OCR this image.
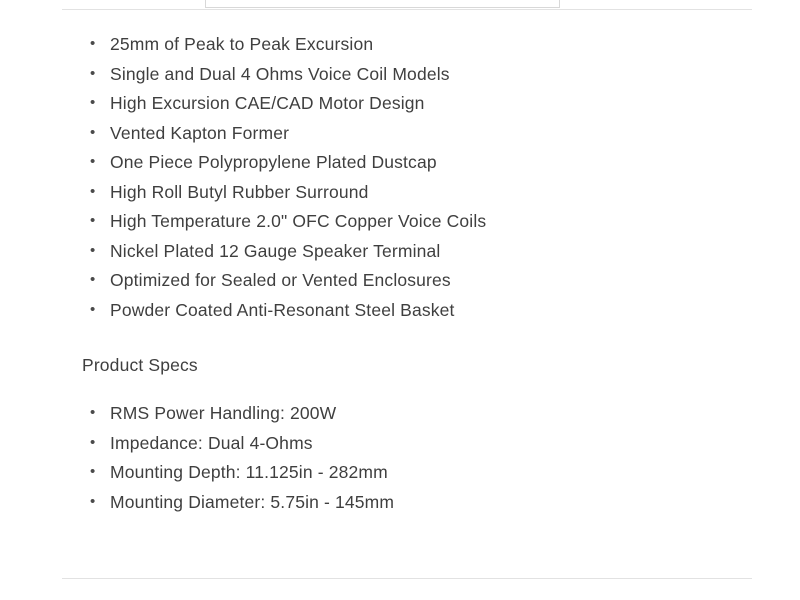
• 25mm of Peak to Peak Excursion
• Single and Dual 4 Ohms Voice Coil Models
• High Excursion CAE/CAD Motor Design
• Vented Kapton Former
• One Piece Polypropylene Plated Dustcap
• High Roll Butyl Rubber Surround
• High Temperature 2.0" OFC Copper Voice Coils
• Nickel Plated 12 Gauge Speaker Terminal
• Optimized for Sealed or Vented Enclosures
• Powder Coated Anti-Resonant Steel Basket

Product Specs

• RMS Power Handling: 200W
• Impedance: Dual 4-Ohms
• Mounting Depth: 11.125in - 282mm
• Mounting Diameter: 5.75in - 145mm
